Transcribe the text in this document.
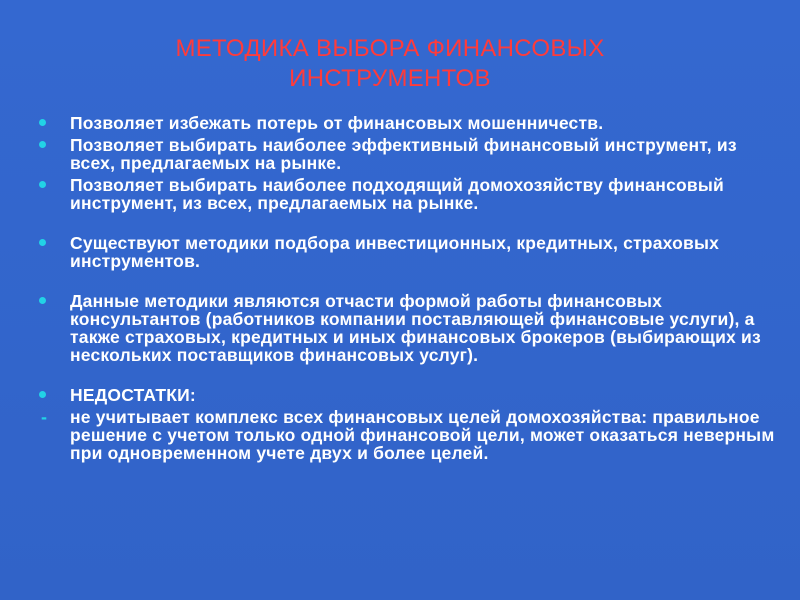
МЕТОДИКА ВЫБОРА ФИНАНСОВЫХ
ИНСТРУМЕНТОВ
Позволяет избежать потерь от финансовых мошенничеств.
Позволяет выбирать наиболее эффективный финансовый инструмент, из всех, предлагаемых на рынке.
Позволяет выбирать наиболее подходящий домохозяйству финансовый инструмент, из всех, предлагаемых на рынке.
Существуют методики подбора инвестиционных, кредитных, страховых инструментов.
Данные методики являются отчасти формой работы финансовых консультантов (работников компании поставляющей финансовые услуги), а также страховых, кредитных и иных финансовых брокеров (выбирающих из нескольких поставщиков финансовых услуг).
НЕДОСТАТКИ:
-	не учитывает комплекс всех финансовых целей домохозяйства: правильное решение с учетом только одной финансовой цели, может оказаться неверным при одновременном учете двух и более целей.
